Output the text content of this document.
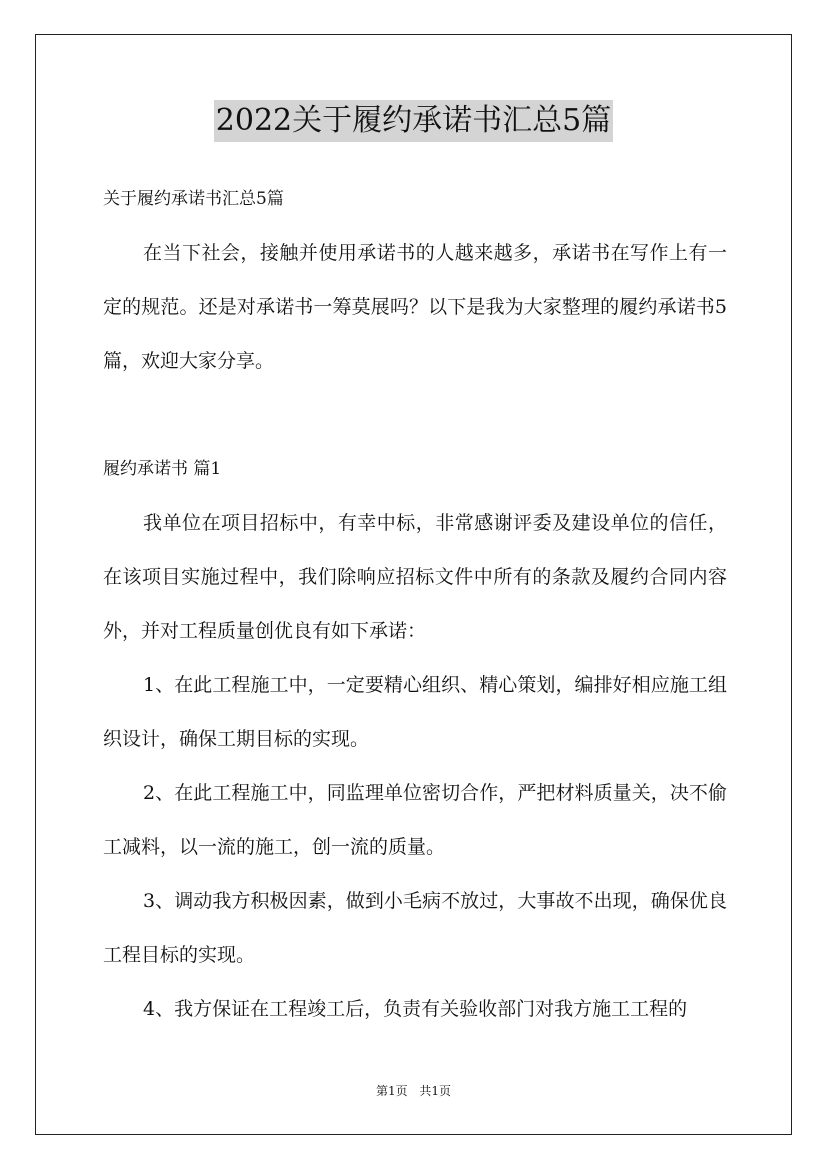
2022关于履约承诺书汇总5篇

关于履约承诺书汇总5篇

在当下社会，接触并使用承诺书的人越来越多，承诺书在写作上有一定的规范。还是对承诺书一筹莫展吗？以下是我为大家整理的履约承诺书5篇，欢迎大家分享。

履约承诺书 篇1

我单位在项目招标中，有幸中标，非常感谢评委及建设单位的信任，在该项目实施过程中，我们除响应招标文件中所有的条款及履约合同内容外，并对工程质量创优良有如下承诺：

1、在此工程施工中，一定要精心组织、精心策划，编排好相应施工组织设计，确保工期目标的实现。

2、在此工程施工中，同监理单位密切合作，严把材料质量关，决不偷工减料，以一流的施工，创一流的质量。

3、调动我方积极因素，做到小毛病不放过，大事故不出现，确保优良工程目标的实现。

4、我方保证在工程竣工后，负责有关验收部门对我方施工工程的

第1页 共1页
